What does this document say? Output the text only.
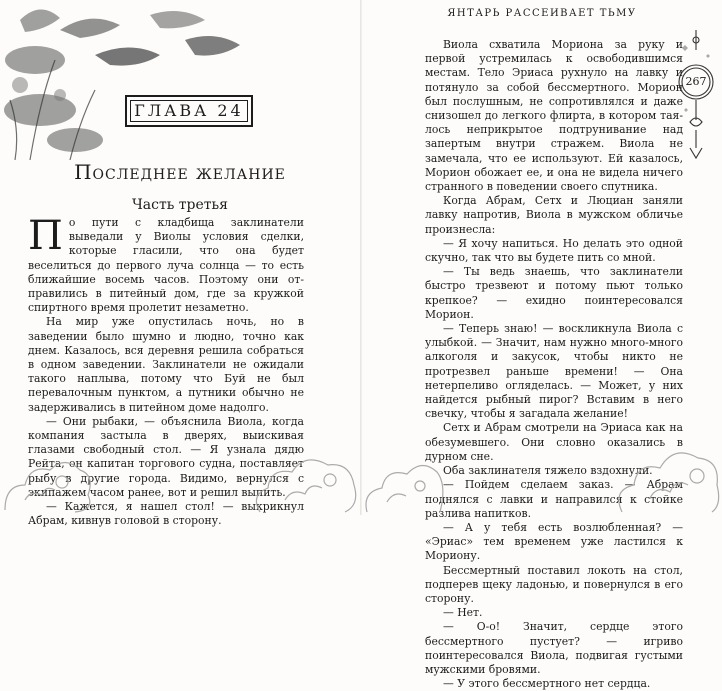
ГЛАВА 24
Последнее желание
Часть третья

По пути с кладбища заклинатели выведали у Виолы условия сделки, которые гласили, что она будет веселиться до первого луча солнца — то есть ближайшие восемь часов. Поэтому они отправились в питейный дом, где за кружкой спиртного время пролетит незаметно.

На мир уже опустилась ночь, но в заведении было шумно и людно, точно как днем. Казалось, вся деревня решила собраться в одном заведении. Заклинатели не ожидали такого наплыва, потому что Буй не был перевалочным пунктом, а путники обычно не задерживались в питейном доме надолго.

— Они рыбаки, — объяснила Виола, когда компания застыла в дверях, выискивая глазами свободный стол. — Я узнала дядю Рейта, он капитан торгового судна, поставляет рыбу в другие города. Видимо, вернулся с экипажем часом ранее, вот и решил выпить.

— Кажется, я нашел стол! — выкрикнул Абрам, кивнув головой в сторону.

ЯНТАРЬ РАССЕИВАЕТ ТЬМУ
267

Виола схватила Мориона за руку и первой устремилась к освободившимся местам. Тело Эриаса рухнуло на лавку и потянуло за собой бессмертного. Морион был послушным, не сопротивлялся и даже снизошел до легкого флирта, в котором таялось неприкрытое подтрунивание над запертым внутри стражем. Виола не замечала, что ее используют. Ей казалось, Морион обожает ее, и она не видела ничего странного в поведении своего спутника.

Когда Абрам, Сетх и Люциан заняли лавку напротив, Виола в мужском обличье произнесла:

— Я хочу напиться. Но делать это одной скучно, так что вы будете пить со мной.

— Ты ведь знаешь, что заклинатели быстро трезвеют и потому пьют только крепкое? — ехидно поинтересовался Морион.

— Теперь знаю! — воскликнула Виола с улыбкой. — Значит, нам нужно много-много алкоголя и закусок, чтобы никто не протрезвел раньше времени! — Она нетерпеливо огляделась. — Может, у них найдется рыбный пирог? Вставим в него свечку, чтобы я загадала желание!

Сетх и Абрам смотрели на Эриаса как на обезумевшего. Они словно оказались в дурном сне.

Оба заклинателя тяжело вздохнули.

— Пойдем сделаем заказ. — Абрам поднялся с лавки и направился к стойке разлива напитков.

— А у тебя есть возлюбленная? — «Эриас» тем временем уже ластился к Мориону.

Бессмертный поставил локоть на стол, подперев щеку ладонью, и повернулся в его сторону.

— Нет.

— О-о! Значит, сердце этого бессмертного пустует? — игриво поинтересовался Виола, подвигая густыми мужскими бровями.

— У этого бессмертного нет сердца.
